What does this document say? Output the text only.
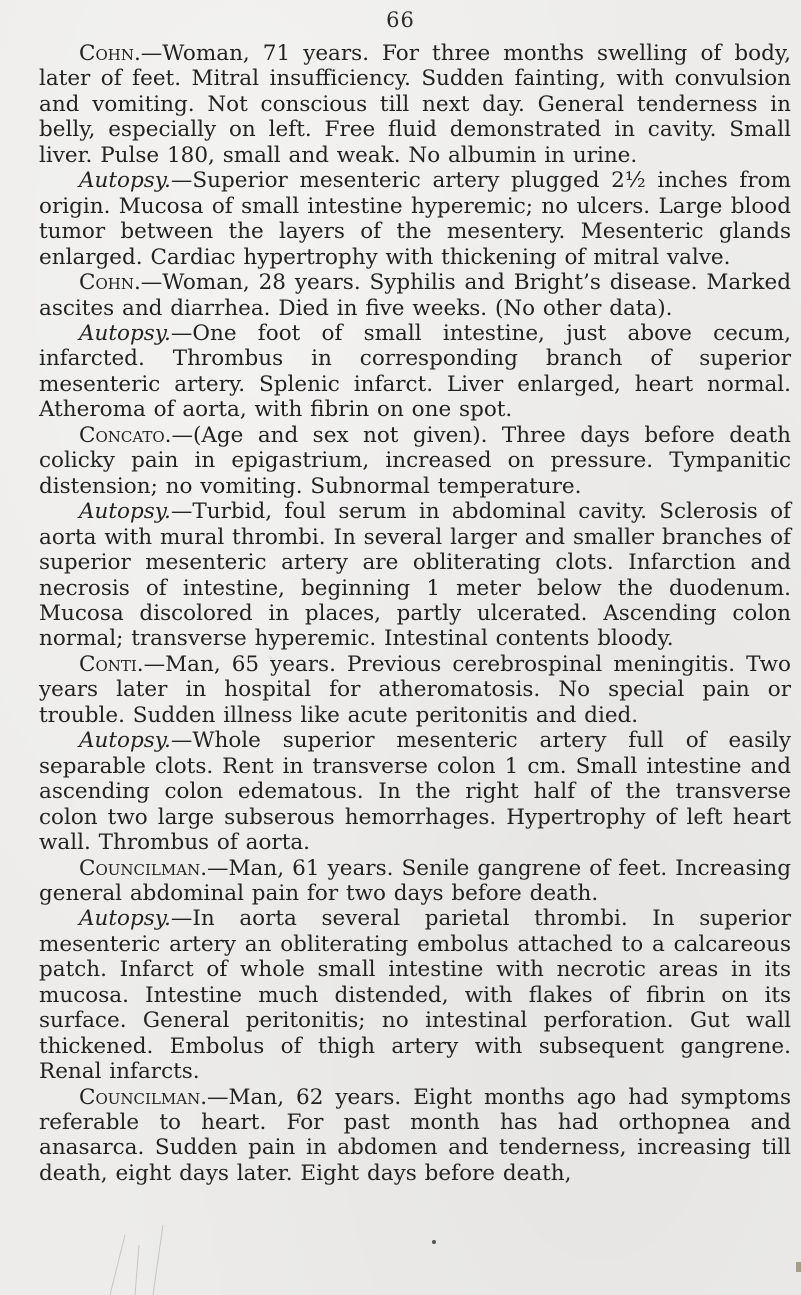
66

Cohn.—Woman, 71 years. For three months swelling of body, later of feet. Mitral insufficiency. Sudden fainting, with convulsion and vomiting. Not conscious till next day. General tenderness in belly, especially on left. Free fluid demonstrated in cavity. Small liver. Pulse 180, small and weak. No albumin in urine.

Autopsy.—Superior mesenteric artery plugged 2½ inches from origin. Mucosa of small intestine hyperemic; no ulcers. Large blood tumor between the layers of the mesentery. Mesenteric glands enlarged. Cardiac hypertrophy with thickening of mitral valve.

Cohn.—Woman, 28 years. Syphilis and Bright’s disease. Marked ascites and diarrhea. Died in five weeks. (No other data).

Autopsy.—One foot of small intestine, just above cecum, infarcted. Thrombus in corresponding branch of superior mesenteric artery. Splenic infarct. Liver enlarged, heart normal. Atheroma of aorta, with fibrin on one spot.

Concato.—(Age and sex not given). Three days before death colicky pain in epigastrium, increased on pressure. Tympanitic distension; no vomiting. Subnormal temperature.

Autopsy.—Turbid, foul serum in abdominal cavity. Sclerosis of aorta with mural thrombi. In several larger and smaller branches of superior mesenteric artery are obliterating clots. Infarction and necrosis of intestine, beginning 1 meter below the duodenum. Mucosa discolored in places, partly ulcerated. Ascending colon normal; transverse hyperemic. Intestinal contents bloody.

Conti.—Man, 65 years. Previous cerebrospinal meningitis. Two years later in hospital for atheromatosis. No special pain or trouble. Sudden illness like acute peritonitis and died.

Autopsy.—Whole superior mesenteric artery full of easily separable clots. Rent in transverse colon 1 cm. Small intestine and ascending colon edematous. In the right half of the transverse colon two large subserous hemorrhages. Hypertrophy of left heart wall. Thrombus of aorta.

Councilman.—Man, 61 years. Senile gangrene of feet. Increasing general abdominal pain for two days before death.

Autopsy.—In aorta several parietal thrombi. In superior mesenteric artery an obliterating embolus attached to a calcareous patch. Infarct of whole small intestine with necrotic areas in its mucosa. Intestine much distended, with flakes of fibrin on its surface. General peritonitis; no intestinal perforation. Gut wall thickened. Embolus of thigh artery with subsequent gangrene. Renal infarcts.

Councilman.—Man, 62 years. Eight months ago had symptoms referable to heart. For past month has had orthopnea and anasarca. Sudden pain in abdomen and tenderness, increasing till death, eight days later. Eight days before death,
